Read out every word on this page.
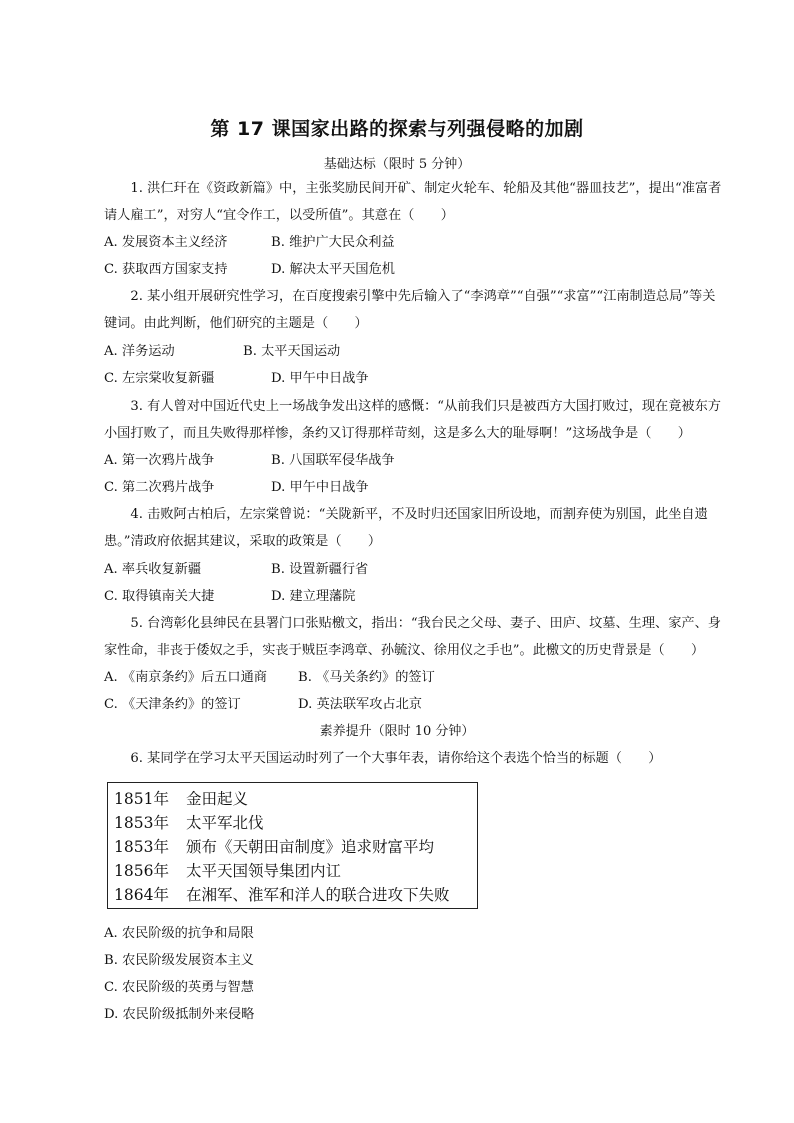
第 17 课国家出路的探索与列强侵略的加剧
基础达标（限时 5 分钟）
1. 洪仁玕在《资政新篇》中，主张奖励民间开矿、制定火轮车、轮船及其他“器皿技艺”，提出“准富者请人雇工”，对穷人“宜令作工，以受所值”。其意在（　　）
A. 发展资本主义经济	B. 维护广大民众利益
C. 获取西方国家支持	D. 解决太平天国危机
2. 某小组开展研究性学习，在百度搜索引擎中先后输入了“李鸿章”“自强”“求富”“江南制造总局”等关键词。由此判断，他们研究的主题是（　　）
A. 洋务运动	B. 太平天国运动
C. 左宗棠收复新疆	D. 甲午中日战争
3. 有人曾对中国近代史上一场战争发出这样的感慨：“从前我们只是被西方大国打败过，现在竟被东方小国打败了，而且失败得那样惨，条约又订得那样苛刻，这是多么大的耻辱啊！”这场战争是（　　）
A. 第一次鸦片战争	B. 八国联军侵华战争
C. 第二次鸦片战争	D. 甲午中日战争
4. 击败阿古柏后，左宗棠曾说：“关陇新平，不及时归还国家旧所设地，而割弃使为别国，此坐自遗患。”清政府依据其建议，采取的政策是（　　）
A. 率兵收复新疆	B. 设置新疆行省
C. 取得镇南关大捷	D. 建立理藩院
5. 台湾彰化县绅民在县署门口张贴檄文，指出：“我台民之父母、妻子、田庐、坟墓、生理、家产、身家性命，非丧于倭奴之手，实丧于贼臣李鸿章、孙毓汶、徐用仪之手也”。此檄文的历史背景是（　　）
A. 《南京条约》后五口通商 B. 《马关条约》的签订
C. 《天津条约》的签订	D. 英法联军攻占北京
素养提升（限时 10 分钟）
6. 某同学在学习太平天国运动时列了一个大事年表，请你给这个表选个恰当的标题（　　）
1851年	金田起义
1853年	太平军北伐
1853年	颁布《天朝田亩制度》追求财富平均
1856年	太平天国领导集团内讧
1864年	在湘军、淮军和洋人的联合进攻下失败
A. 农民阶级的抗争和局限
B. 农民阶级发展资本主义
C. 农民阶级的英勇与智慧
D. 农民阶级抵制外来侵略
